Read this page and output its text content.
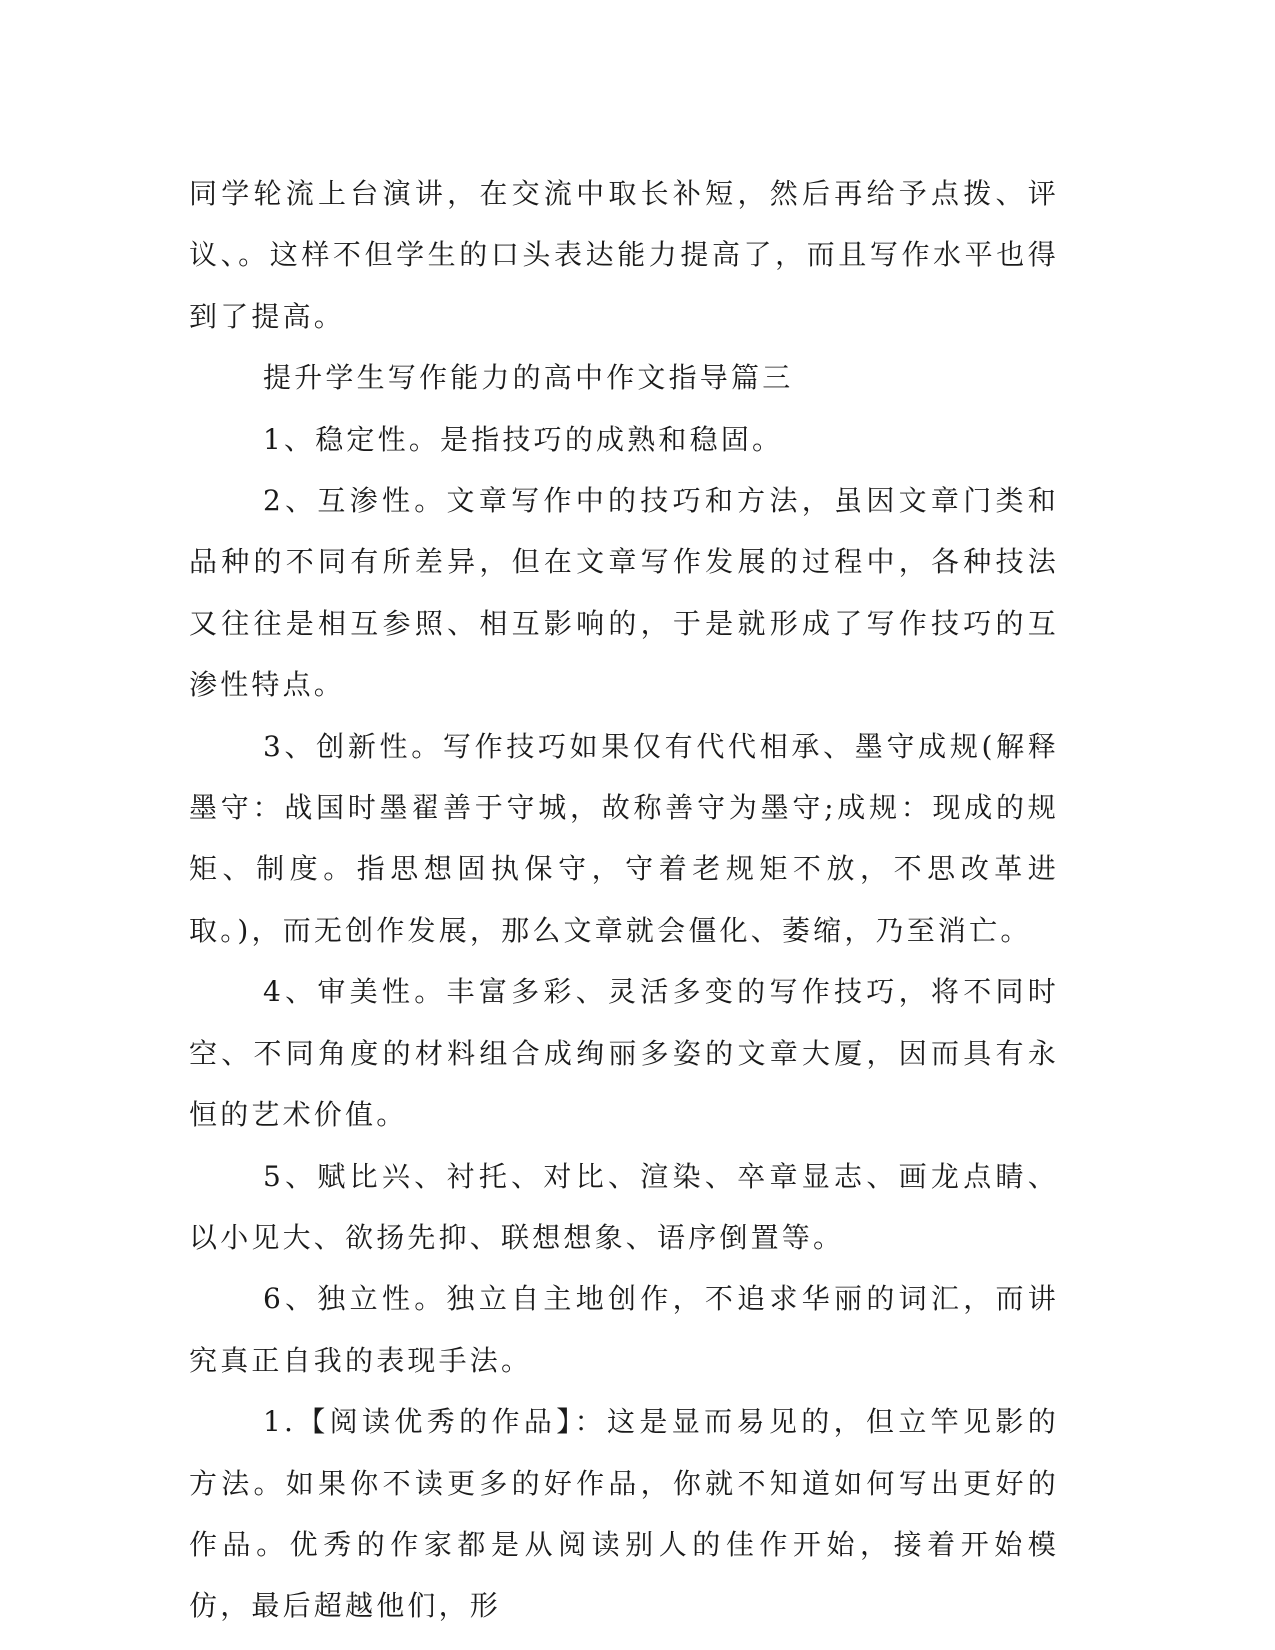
同学轮流上台演讲，在交流中取长补短，然后再给予点拨、评议、。这样不但学生的口头表达能力提高了，而且写作水平也得到了提高。

提升学生写作能力的高中作文指导篇三

1、稳定性。是指技巧的成熟和稳固。

2、互渗性。文章写作中的技巧和方法，虽因文章门类和品种的不同有所差异，但在文章写作发展的过程中，各种技法又往往是相互参照、相互影响的，于是就形成了写作技巧的互渗性特点。

3、创新性。写作技巧如果仅有代代相承、墨守成规(解释墨守：战国时墨翟善于守城，故称善守为墨守;成规：现成的规矩、制度。指思想固执保守，守着老规矩不放，不思改革进取。)，而无创作发展，那么文章就会僵化、萎缩，乃至消亡。

4、审美性。丰富多彩、灵活多变的写作技巧，将不同时空、不同角度的材料组合成绚丽多姿的文章大厦，因而具有永恒的艺术价值。

5、赋比兴、衬托、对比、渲染、卒章显志、画龙点睛、以小见大、欲扬先抑、联想想象、语序倒置等。

6、独立性。独立自主地创作，不追求华丽的词汇，而讲究真正自我的表现手法。

1.【阅读优秀的作品】：这是显而易见的，但立竿见影的方法。如果你不读更多的好作品，你就不知道如何写出更好的作品。优秀的作家都是从阅读别人的佳作开始，接着开始模仿，最后超越他们，形
